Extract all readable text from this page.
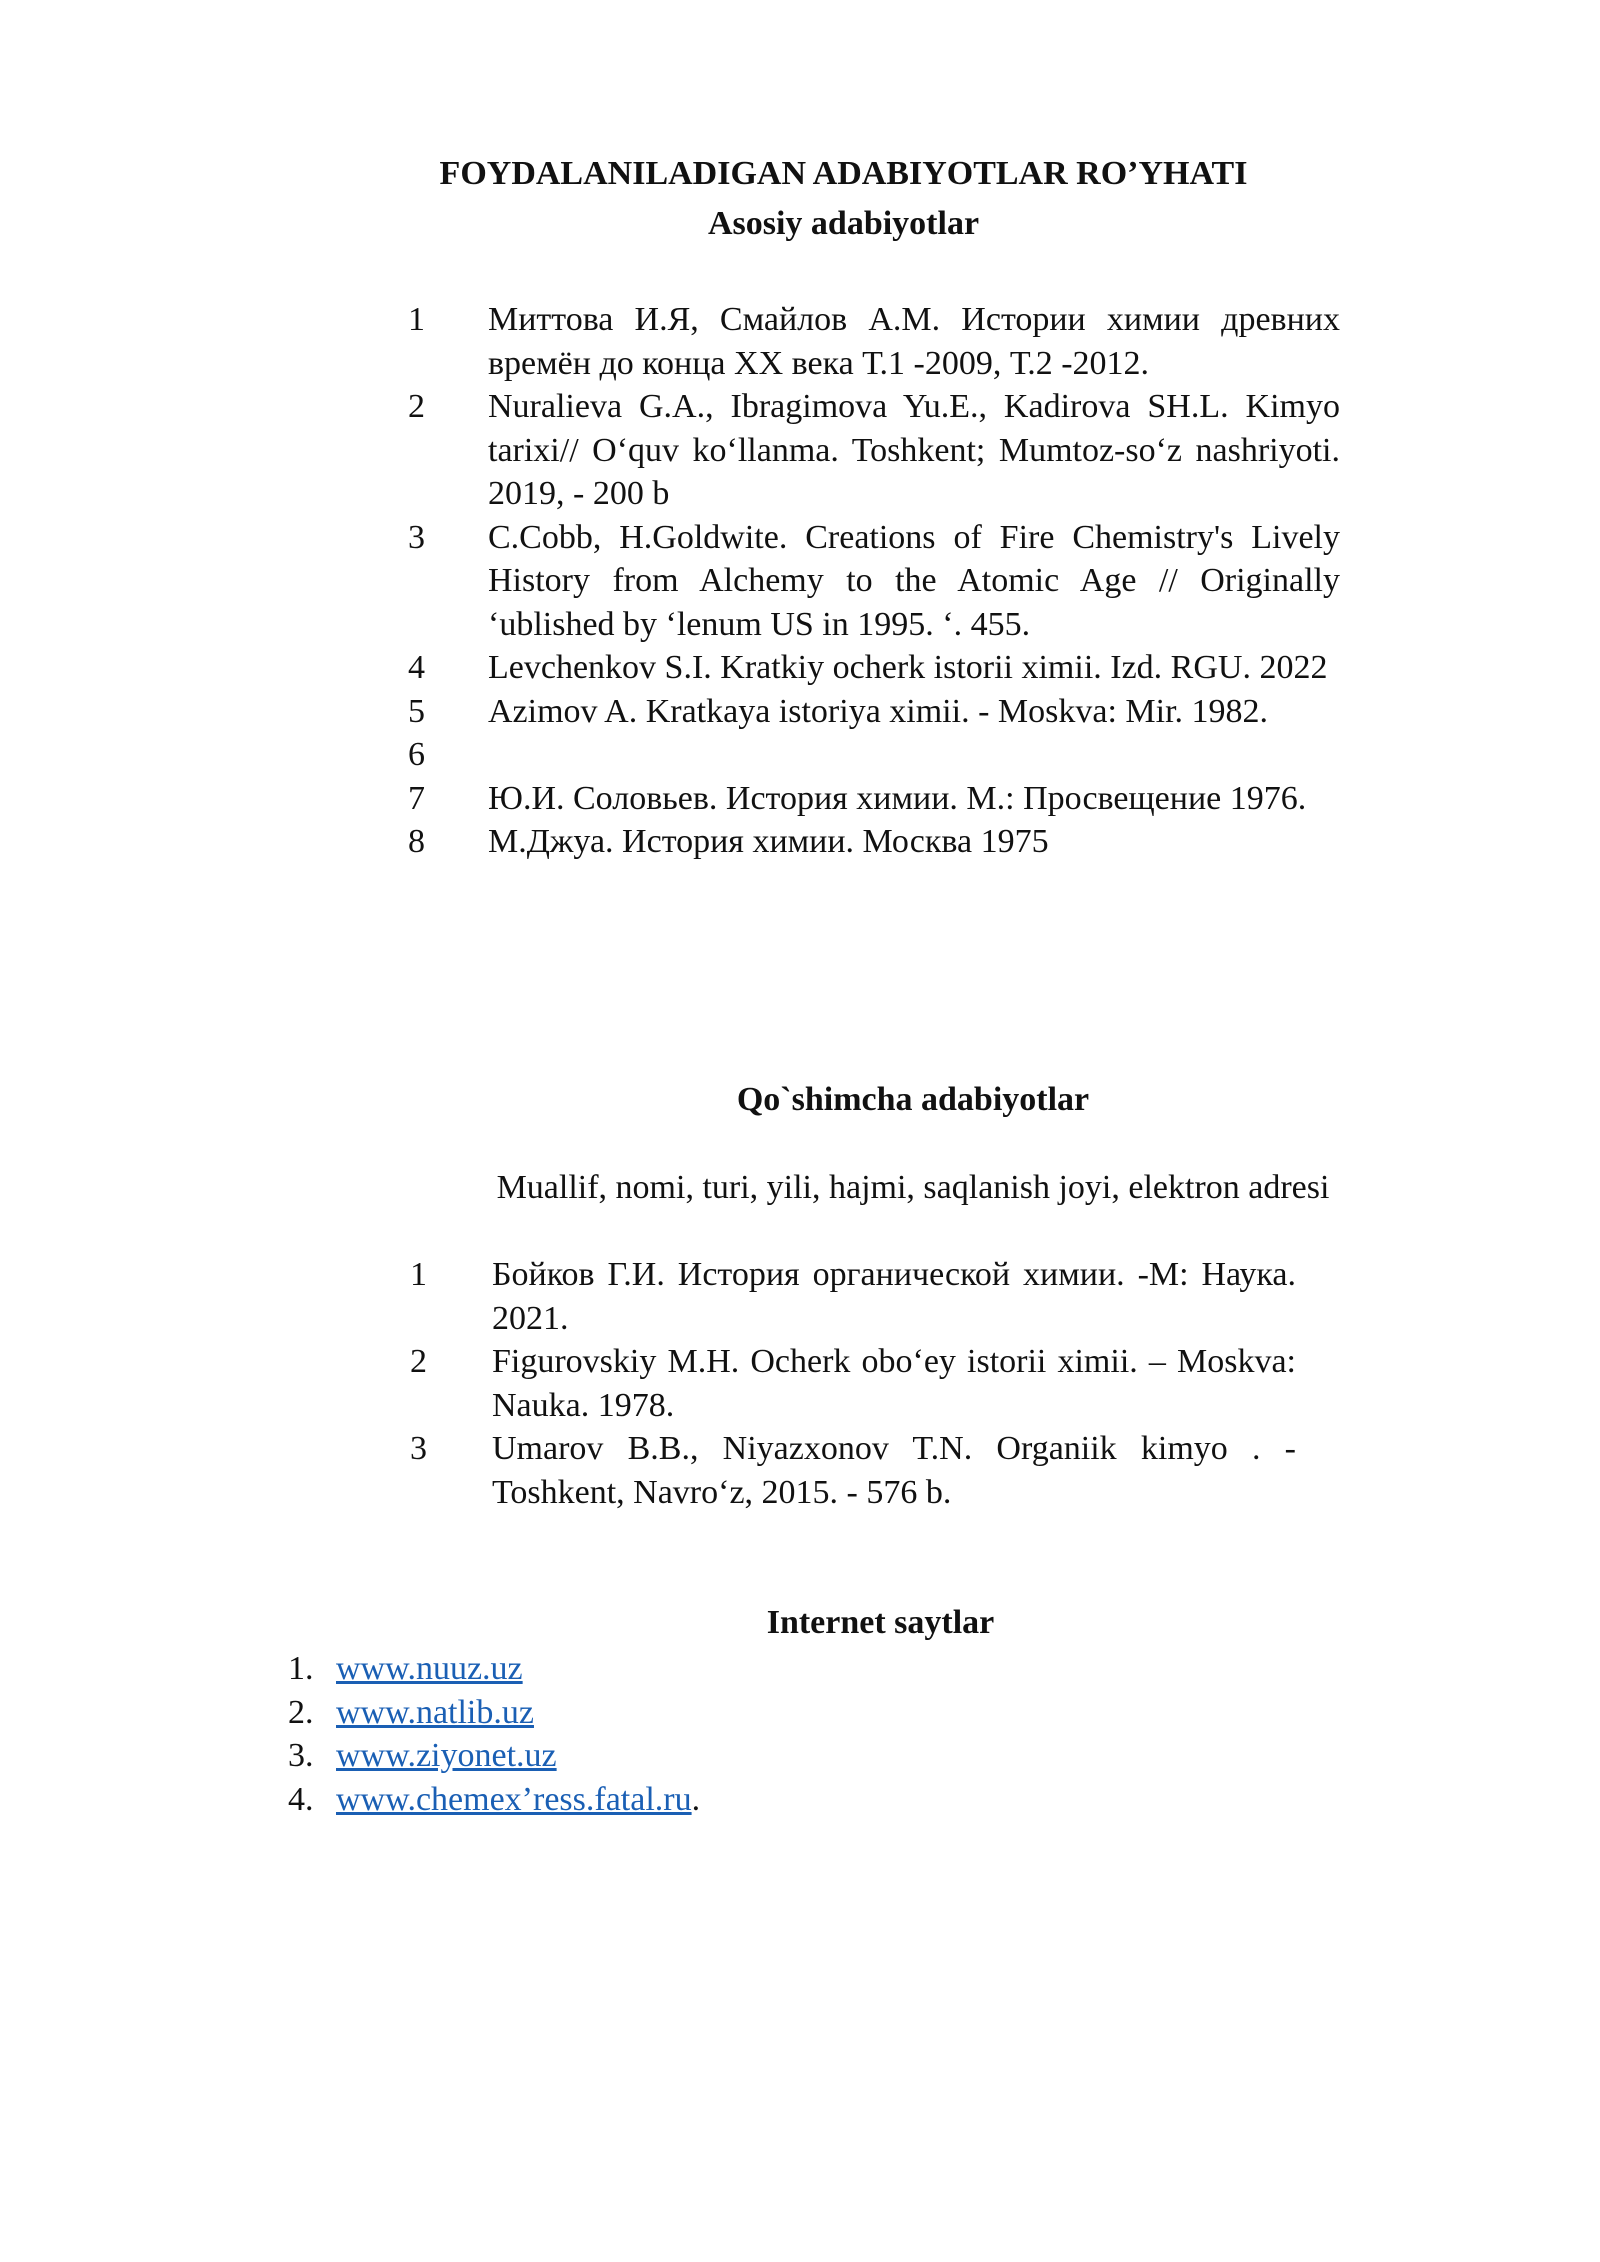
FOYDALANILADIGAN ADABIYOTLAR RO’YHATI
Asosiy adabiyotlar
1 Миттова И.Я, Смайлов А.М. Истории химии древних времён до конца XX века Т.1 -2009, Т.2 -2012.
2 Nuralieva G.A., Ibragimova Yu.E., Kadirova SH.L. Kimyo tarixi// O‘quv ko‘llanma. Toshkent; Mumtoz-so‘z nashriyoti. 2019, - 200 b
3 C.Cobb, H.Goldwite. Creations of Fire Chemistry's Lively History from Alchemy to the Atomic Age // Originally ‘ublished by ‘lenum US in 1995. ‘. 455.
4 Levchenkov S.I. Kratkiy ocherk istorii ximii. Izd. RGU. 2022
5 Azimov A. Kratkaya istoriya ximii. - Moskva: Mir. 1982.
6
7 Ю.И. Соловьев. История химии. М.: Просвещение 1976.
8 М.Джуа. История химии. Москва 1975
Qo`shimcha adabiyotlar
Muallif, nomi, turi, yili, hajmi, saqlanish joyi, elektron adresi
1 Бойков Г.И. История органической химии. -М: Наука. 2021.
2 Figurovskiy M.H. Ocherk obo‘ey istorii ximii. – Moskva: Nauka. 1978.
3 Umarov B.B., Niyazxonov T.N. Organiik kimyo . - Toshkent, Navro‘z, 2015. - 576 b.
Internet saytlar
1. www.nuuz.uz
2. www.natlib.uz
3. www.ziyonet.uz
4. www.chemex’ress.fatal.ru.
